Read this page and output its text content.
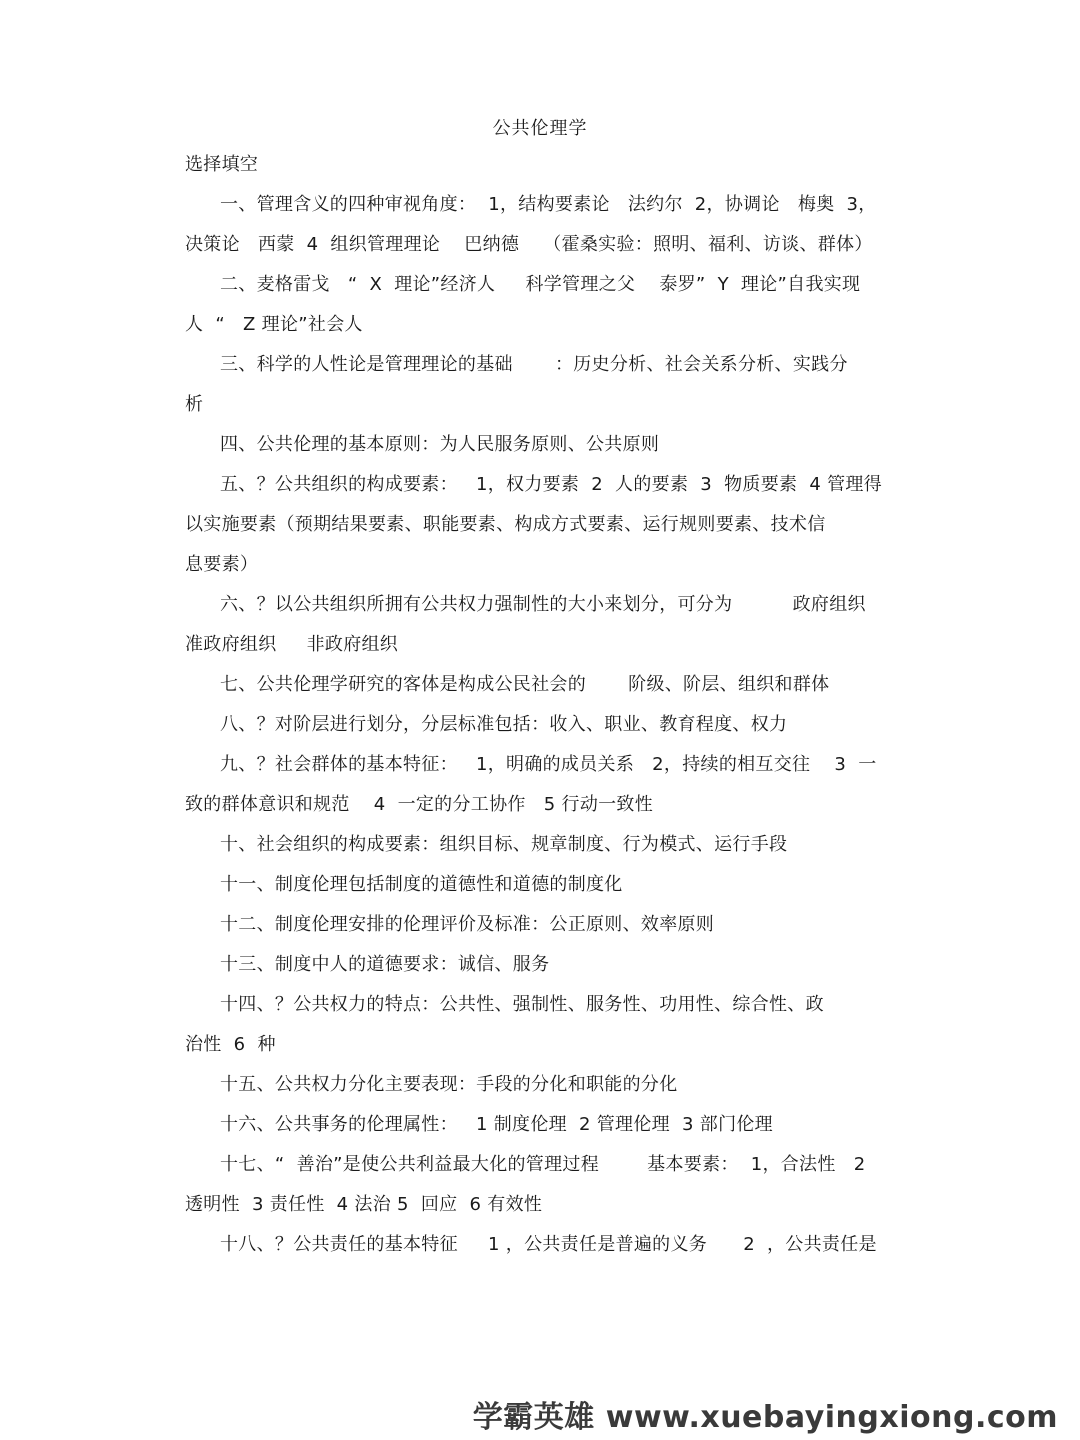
公共伦理学
选择填空
一、管理含义的四种审视角度：  1，结构要素论   法约尔  2，协调论   梅奥  3，
决策论   西蒙  4  组织管理理论    巴纳德    （霍桑实验：照明、福利、访谈、群体）
二、麦格雷戈   “  X  理论”经济人     科学管理之父    泰罗”  Y  理论”自我实现
人  “   Z 理论”社会人
三、科学的人性论是管理理论的基础       ：历史分析、社会关系分析、实践分
析
四、公共伦理的基本原则：为人民服务原则、公共原则
五、？公共组织的构成要素：   1，权力要素  2  人的要素  3  物质要素  4 管理得
以实施要素（预期结果要素、职能要素、构成方式要素、运行规则要素、技术信
息要素）
六、？以公共组织所拥有公共权力强制性的大小来划分，可分为          政府组织
准政府组织     非政府组织
七、公共伦理学研究的客体是构成公民社会的       阶级、阶层、组织和群体
八、？对阶层进行划分，分层标准包括：收入、职业、教育程度、权力
九、？社会群体的基本特征：   1，明确的成员关系   2，持续的相互交往    3  一
致的群体意识和规范    4  一定的分工协作   5 行动一致性
十、社会组织的构成要素：组织目标、规章制度、行为模式、运行手段
十一、制度伦理包括制度的道德性和道德的制度化
十二、制度伦理安排的伦理评价及标准：公正原则、效率原则
十三、制度中人的道德要求：诚信、服务
十四、？公共权力的特点：公共性、强制性、服务性、功用性、综合性、政
治性  6  种
十五、公共权力分化主要表现：手段的分化和职能的分化
十六、公共事务的伦理属性：   1 制度伦理  2 管理伦理  3 部门伦理
十七、“  善治”是使公共利益最大化的管理过程        基本要素：  1，合法性   2
透明性  3 责任性  4 法治 5  回应  6 有效性
十八、？公共责任的基本特征     1 ，公共责任是普遍的义务      2  ，公共责任是
学霸英雄 www.xuebayingxiong.com
